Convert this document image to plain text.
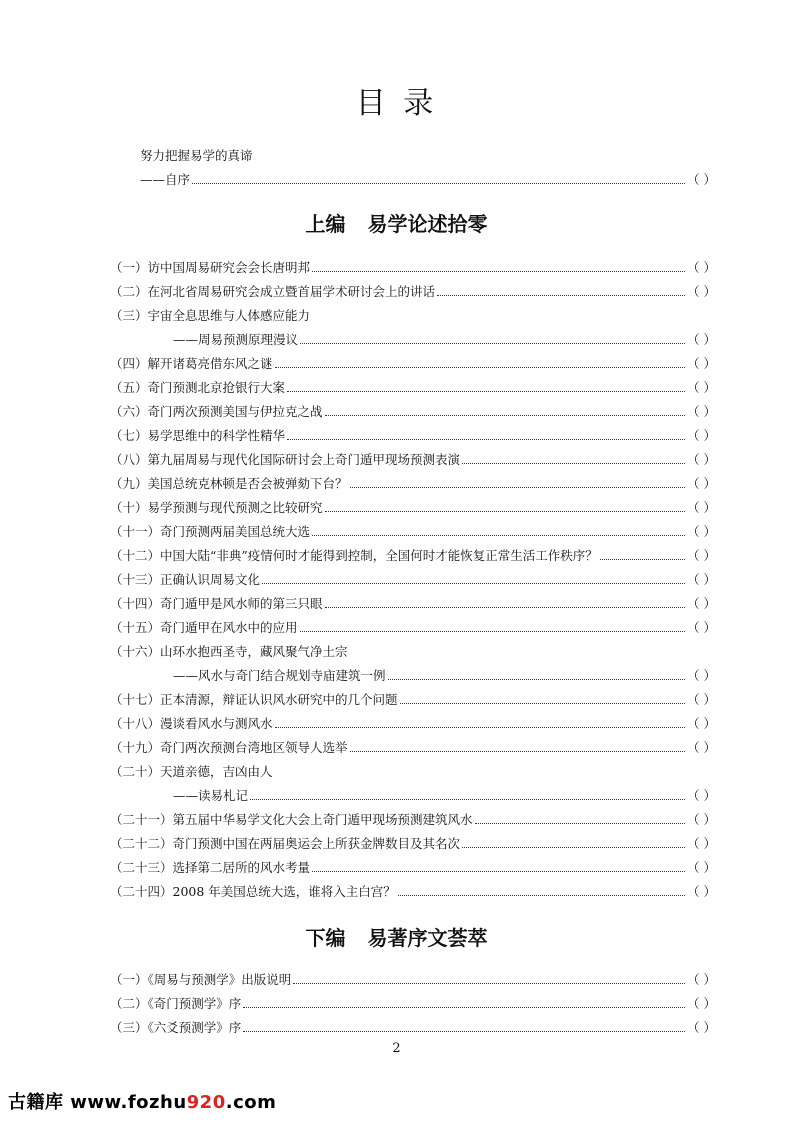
目 录
努力把握易学的真谛
——自序	（ ）
上编 易学论述拾零
（一）访中国周易研究会会长唐明邦	（ ）
（二）在河北省周易研究会成立暨首届学术研讨会上的讲话	（ ）
（三）宇宙全息思维与人体感应能力
——周易预测原理漫议	（ ）
（四）解开诸葛亮借东风之谜	（ ）
（五）奇门预测北京抢银行大案	（ ）
（六）奇门两次预测美国与伊拉克之战	（ ）
（七）易学思维中的科学性精华	（ ）
（八）第九届周易与现代化国际研讨会上奇门遁甲现场预测表演	（ ）
（九）美国总统克林顿是否会被弹劾下台？	（ ）
（十）易学预测与现代预测之比较研究	（ ）
（十一）奇门预测两届美国总统大选	（ ）
（十二）中国大陆“非典”疫情何时才能得到控制，全国何时才能恢复正常生活工作秩序？	（ ）
（十三）正确认识周易文化	（ ）
（十四）奇门遁甲是风水师的第三只眼	（ ）
（十五）奇门遁甲在风水中的应用	（ ）
（十六）山环水抱西圣寺，藏风聚气净土宗
——风水与奇门结合规划寺庙建筑一例	（ ）
（十七）正本清源，辩证认识风水研究中的几个问题	（ ）
（十八）漫谈看风水与测风水	（ ）
（十九）奇门两次预测台湾地区领导人选举	（ ）
（二十）天道亲德，吉凶由人
——读易札记	（ ）
（二十一）第五届中华易学文化大会上奇门遁甲现场预测建筑风水	（ ）
（二十二）奇门预测中国在两届奥运会上所获金牌数目及其名次	（ ）
（二十三）选择第二居所的风水考量	（ ）
（二十四）2008 年美国总统大选，谁将入主白宫？	（ ）
下编 易著序文荟萃
（一）《周易与预测学》出版说明	（ ）
（二）《奇门预测学》序	（ ）
（三）《六爻预测学》序	（ ）
2
古籍库 www.fozhu920.com
